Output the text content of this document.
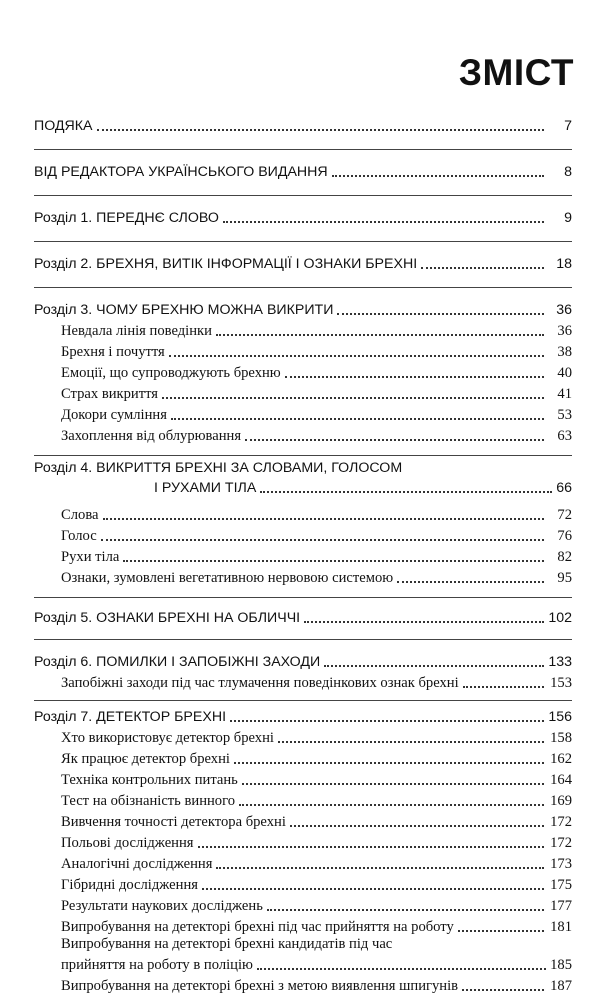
ЗМІСТ
ПОДЯКА	7
ВІД РЕДАКТОРА УКРАЇНСЬКОГО ВИДАННЯ	8
Розділ 1. ПЕРЕДНЄ СЛОВО	9
Розділ 2. БРЕХНЯ, ВИТІК ІНФОРМАЦІЇ І ОЗНАКИ БРЕХНІ	18
Розділ 3. ЧОМУ БРЕХНЮ МОЖНА ВИКРИТИ	36
Невдала лінія поведінки	36
Брехня і почуття	38
Емоції, що супроводжують брехню	40
Страх викриття	41
Докори сумління	53
Захоплення від облурювання	63
Розділ 4. ВИКРИТТЯ БРЕХНІ ЗА СЛОВАМИ, ГОЛОСОМ
І РУХАМИ ТІЛА	66
Слова	72
Голос	76
Рухи тіла	82
Ознаки, зумовлені вегетативною нервовою системою	95
Розділ 5. ОЗНАКИ БРЕХНІ НА ОБЛИЧЧІ	102
Розділ 6. ПОМИЛКИ І ЗАПОБІЖНІ ЗАХОДИ	133
Запобіжні заходи під час тлумачення поведінкових ознак брехні	153
Розділ 7. ДЕТЕКТОР БРЕХНІ	156
Хто використовує детектор брехні	158
Як працює детектор брехні	162
Техніка контрольних питань	164
Тест на обізнаність винного	169
Вивчення точності детектора брехні	172
Польові дослідження	172
Аналогічні дослідження	173
Гібридні дослідження	175
Результати наукових досліджень	177
Випробування на детекторі брехні під час прийняття на роботу	181
Випробування на детекторі брехні кандидатів під час
прийняття на роботу в поліцію	185
Випробування на детекторі брехні з метою виявлення шпигунів	187
